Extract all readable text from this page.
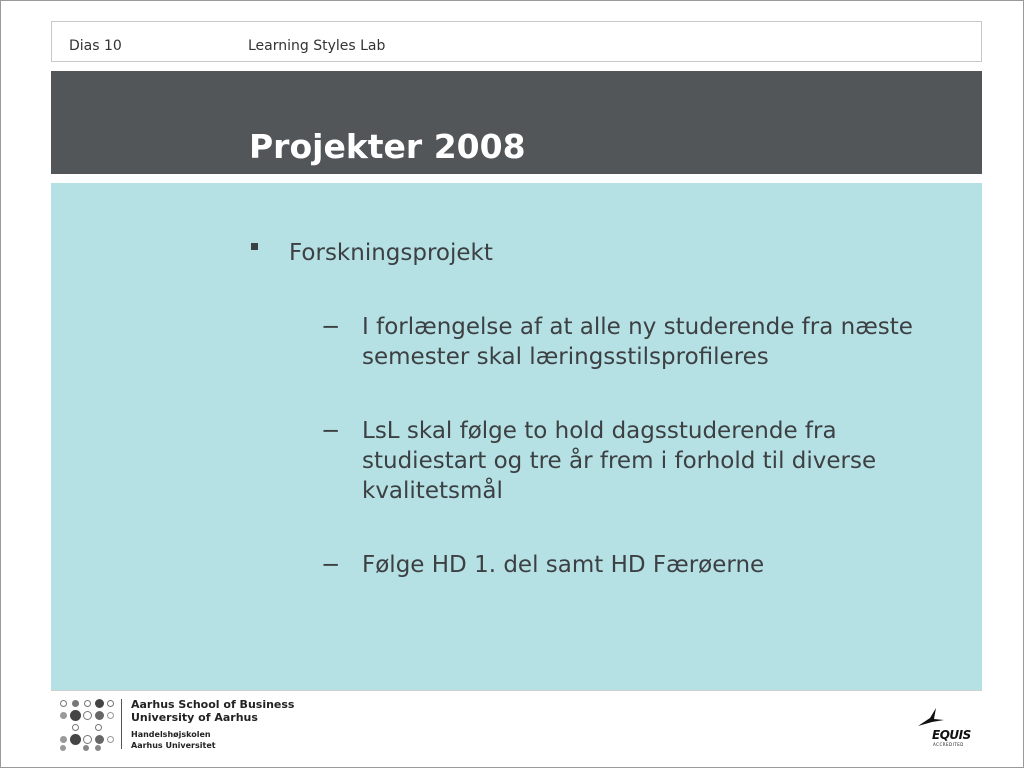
Dias 10	Learning Styles Lab
Projekter 2008
Forskningsprojekt
− I forlængelse af at alle ny studerende fra næste semester skal læringsstilsprofileres
− LsL skal følge to hold dagsstuderende fra studiestart og tre år frem i forhold til diverse kvalitetsmål
− Følge HD 1. del samt HD Færøerne
Aarhus School of Business
University of Aarhus
Handelshøjskolen
Aarhus Universitet
EQUIS
ACCREDITED
